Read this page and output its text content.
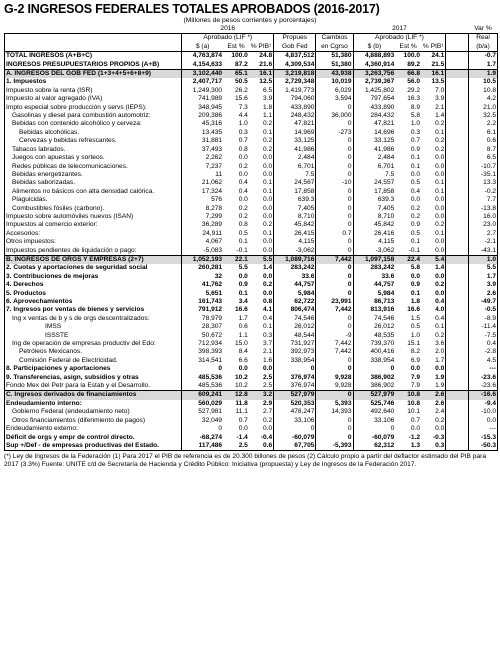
G-2 INGRESOS FEDERALES TOTALES APROBADOS (2016-2017)
(Millones de pesos corrientes y porcentajes)
	2016					2017				Var %
	Aprobado (LIF *)			Propues	Cambios	Aprobado (LIF *)				Real
	$ (a)	Est %	% PIB¹	Gob Fed	en Cgrso	$ (b)	Est %	% PIB¹		(b/a)
TOTAL INGRESOS (A+B+C)	4,763,874	100.0	24.8	4,837,512	51,380	4,888,893	100.0	24.1		-0.7
INGRESOS PRESUPUESTARIOS PROPIOS (A+B)	4,154,633	87.2	21.6	4,309,534	51,380	4,360,914	89.2	21.5		1.7
A. INGRESOS DEL GOB FED (1+3+4+5+6+8+9)	3,102,440	65.1	16.1	3,219,818	43,938	3,263,756	66.8	16.1		1.9
1. Impuestos	2,407,717	50.5	12.5	2,729,348	10,019	2,739,367	56.0	13.5		10.5
Impuesto sobre la renta (ISR)	1,249,300	26.2	6.5	1,419,773	6,029	1,425,802	29.2	7.0		10.8
Impuesto al valor agregado (IVA)	741,989	15.6	3.9	794,060	3,594	797,654	16.3	3.9		4.2
Impto especial sobre producción y servs (IEPS):	348,945	7.3	1.8	433,890	0	433,890	8.9	2.1		21.0
Gasolinas y diesel para combustión automotriz:	209,386	4.4	1.1	248,432	36,000	284,432	5.8	1.4		32.5
Bebidas con contenido alcohólico y cerveza:	45,316	1.0	0.2	47,821	0	47,821	1.0	0.2		2.2
Bebidas alcohólicas.	13,435	0.3	0.1	14,969	-273	14,696	0.3	0.1		6.1
Cervezas y bebidas refrescantes.	31,881	0.7	0.2	33,125	0	33,125	0.7	0.2		0.6
Tabacos labrados.	37,493	0.8	0.2	41,986	0	41,986	0.9	0.2		8.7
Juegos con apuestas y sorteos.	2,262	0.0	0.0	2,484	0	2,484	0.1	0.0		6.5
Redes públicas de telecomunicaciones.	7,237	0.2	0.0	6,701	0	6,701	0.1	0.0		-10.7
Bebidas energetizantes.	11	0.0	0.0	7.5	0	7.5	0.0	0.0		-35.1
Bebidas saborizadas.	21,062	0.4	0.1	24,567	-10	24,557	0.5	0.1		13.3
Alimentos no básicos con alta densidad calórica.	17,324	0.4	0.1	17,858	0	17,858	0.4	0.1		-0.2
Plaguicidas.	576	0.0	0.0	639.3	0	639.3	0.0	0.0		7.7
Combustibles fósiles (carbono).	8,278	0.2	0.0	7,405	0	7,405	0.2	0.0		-13.8
Impuesto sobre automóviles nuevos (ISAN)	7,299	0.2	0.0	8,710	0	8,710	0.2	0.0		16.0
Impuestos al comercio exterior:	36,289	0.8	0.2	45,842	0	45,842	0.9	0.2		23.0
Accesorios:	24,911	0.5	0.1	26,415	0.7	26,416	0.5	0.1		2.7
Otros impuestos:	4,067	0.1	0.0	4,115	0	4,115	0.1	0.0		-2.1
Impuestos pendientes de liquidación o pago:	-5,083	-0.1	0.0	-3,062	0	-3,062	-0.1	0.0		-43.1
B. INGRESOS DE ORGS Y EMPRESAS (2+7)	1,052,193	22.1	5.5	1,089,716	7,442	1,097,158	22.4	5.4		1.0
2. Cuotas y aportaciones de seguridad social	260,281	5.5	1.4	283,242	0	283,242	5.8	1.4		5.5
3. Contribuciones de mejoras	32	0.0	0.0	33.6	0	33.6	0.0	0.0		1.7
4. Derechos	41,762	0.9	0.2	44,757	0	44,757	0.9	0.2		3.9
5. Productos	5,651	0.1	0.0	5,984	0	5,984	0.1	0.0		2.6
6. Aprovechamientos	161,743	3.4	0.8	62,722	23,991	86,713	1.8	0.4		-49.7
7. Ingresos por ventas de bienes y servicios	791,912	16.6	4.1	806,474	7,442	813,916	16.6	4.0		-0.5
Ing x ventas de b y s de orgs descentralizados:	78,979	1.7	0.4	74,546	0	74,546	1.5	0.4		-8.9
IMSS	28,307	0.6	0.1	26,012	0	26,012	0.5	0.1		-11.4
ISSSTE	50,672	1.1	0.3	48,544	-9	48,535	1.0	0.2		-7.5
Ing de operación de empresas productiv del Edo:	712,934	15.0	3.7	731,927	7,442	739,370	15.1	3.6		0.4
Petróleos Mexicanos.	398,393	8.4	2.1	392,973	7,442	400,416	8.2	2.0		-2.8
Comisión Federal de Electricidad.	314,541	6.6	1.6	338,954	0	338,954	6.9	1.7		4.5
8. Participaciones y aportaciones	0	0.0	0.0	0	0	0	0.0	0.0		---
9. Transferencias, asign, subsidios y otras	485,536	10.2	2.5	376,974	9,928	386,902	7.9	1.9		-23.6
Fondo Mex del Petr para la Estab y el Desarrollo.	485,536	10.2	2.5	376,974	9,928	386,902	7.9	1.9		-23.6
C. Ingresos derivados de financiamientos	609,241	12.8	3.2	527,979	0	527,979	10.8	2.6		-16.6
Endeudamiento interno:	560,029	11.8	2.9	520,353	5,393	525,746	10.8	2.6		-9.4
Gobierno Federal (endeudamiento neto)	527,981	11.1	2.7	478,247	14,393	492,640	10.1	2.4		-10.0
Otros financiamientos (diferimiento de pagos)	32,049	0.7	0.2	33,106	0	33,106	0.7	0.2		0.0
Endeudamiento externo:	0	0.0	0.0	0	0	0	0.0	0.0		---
Déficit de orgs y empr de control directo.	-68,274	-1.4	-0.4	-60,079	0	-60,079	-1.2	-0.3		-15.3
Sup +/Def - de empresas productivas del Estado.	117,486	2.5	0.6	67,705	-5,393	62,312	1.3	0.3		-50.3
(*) Ley de Ingresos de la Federación (1) Para 2017 el PIB de referencia es de 20.300 billones de pesos (2) Cálculo propio a partir del deflactor estimado del PIB para 2017 (3.3%) Fuente: UNITE c/d de Secretaría de Hacienda y Crédito Público: Iniciativa (propuesta) y Ley de Ingresos de la Federación 2017.
